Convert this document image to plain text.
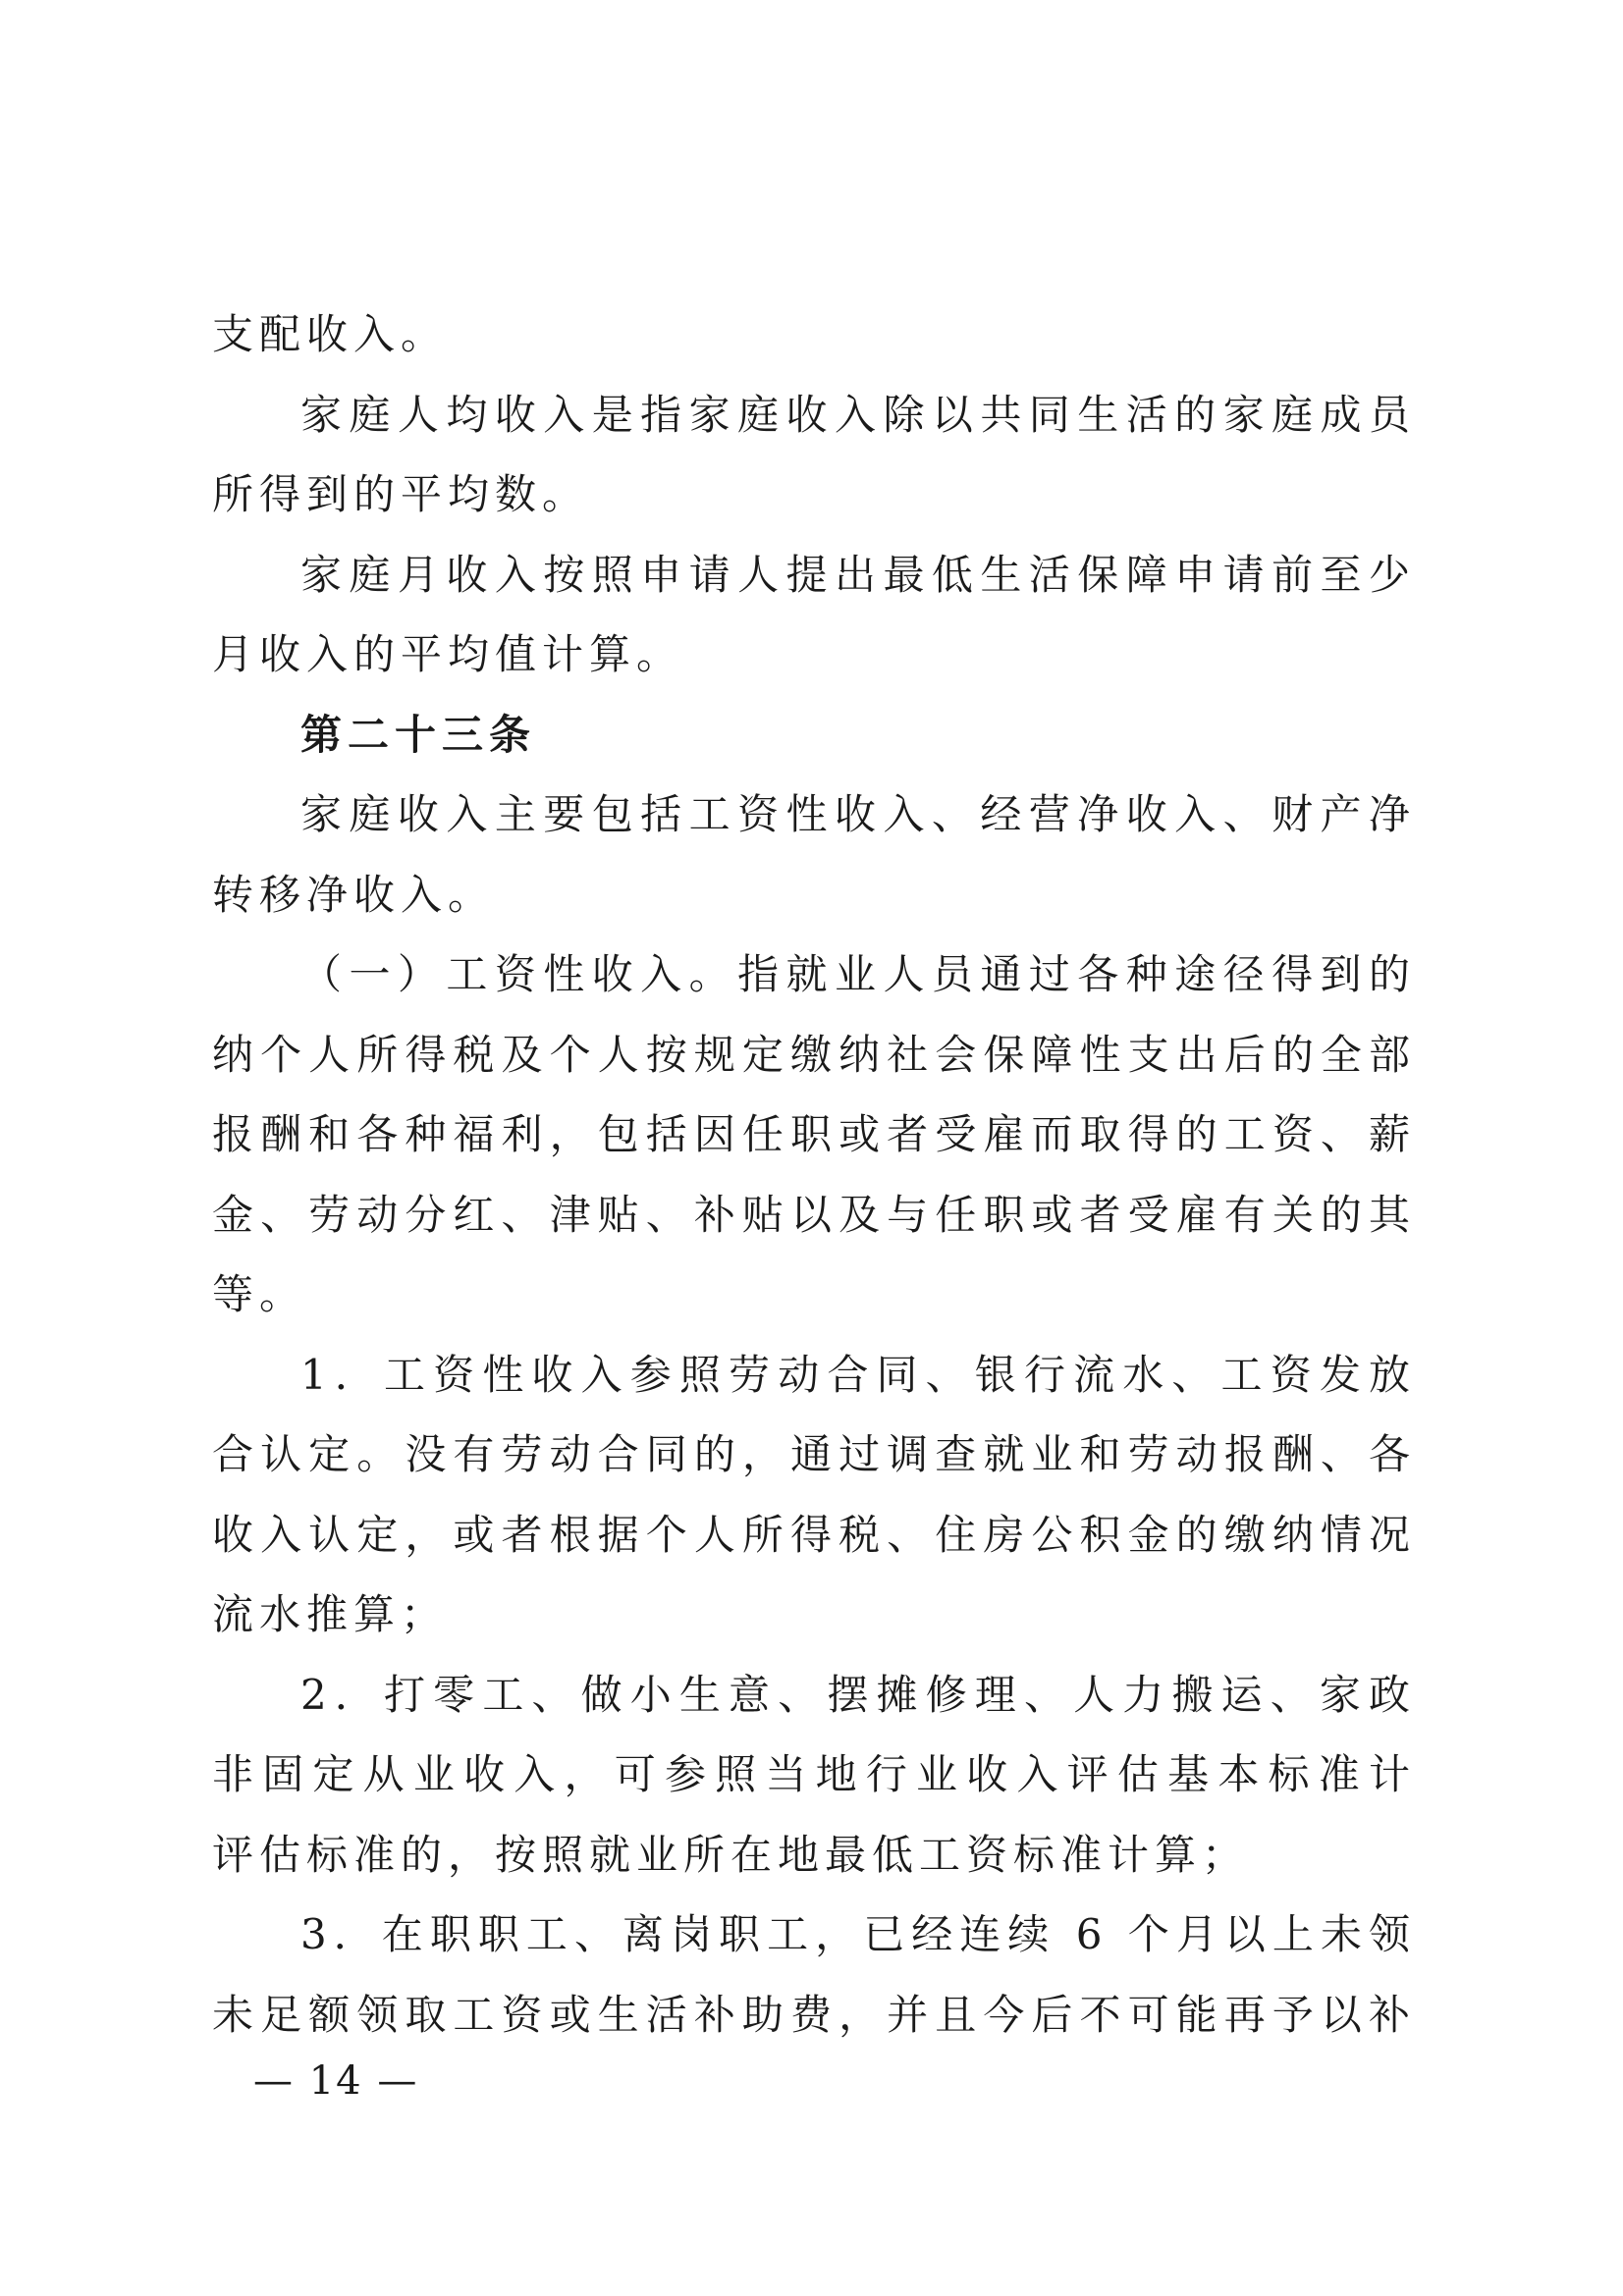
支配收入。
家庭人均收入是指家庭收入除以共同生活的家庭成员
所得到的平均数。
家庭月收入按照申请人提出最低生活保障申请前至少
月收入的平均值计算。
第二十三条
家庭收入主要包括工资性收入、经营净收入、财产净
转移净收入。
（一）工资性收入。指就业人员通过各种途径得到的
纳个人所得税及个人按规定缴纳社会保障性支出后的全部
报酬和各种福利，包括因任职或者受雇而取得的工资、薪
金、劳动分红、津贴、补贴以及与任职或者受雇有关的其
等。
1．工资性收入参照劳动合同、银行流水、工资发放
合认定。没有劳动合同的，通过调查就业和劳动报酬、各
收入认定，或者根据个人所得税、住房公积金的缴纳情况
流水推算；
2．打零工、做小生意、摆摊修理、人力搬运、家政
非固定从业收入，可参照当地行业收入评估基本标准计
评估标准的，按照就业所在地最低工资标准计算；
3．在职职工、离岗职工，已经连续 6 个月以上未领
未足额领取工资或生活补助费，并且今后不可能再予以补
— 14 —
